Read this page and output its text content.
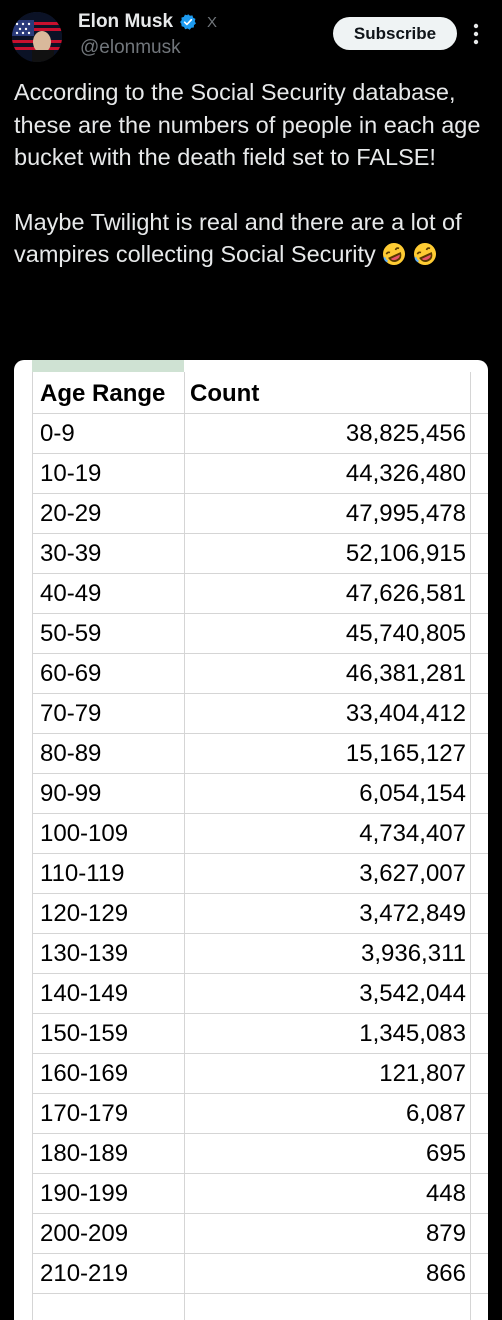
Elon Musk X
@elonmusk
Subscribe

According to the Social Security database, these are the numbers of people in each age bucket with the death field set to FALSE!

Maybe Twilight is real and there are a lot of vampires collecting Social Security

Age Range Count
0-9	38,825,456
10-19	44,326,480
20-29	47,995,478
30-39	52,106,915
40-49	47,626,581
50-59	45,740,805
60-69	46,381,281
70-79	33,404,412
80-89	15,165,127
90-99	6,054,154
100-109	4,734,407
110-119	3,627,007
120-129	3,472,849
130-139	3,936,311
140-149	3,542,044
150-159	1,345,083
160-169	121,807
170-179	6,087
180-189	695
190-199	448
200-209	879
210-219	866
